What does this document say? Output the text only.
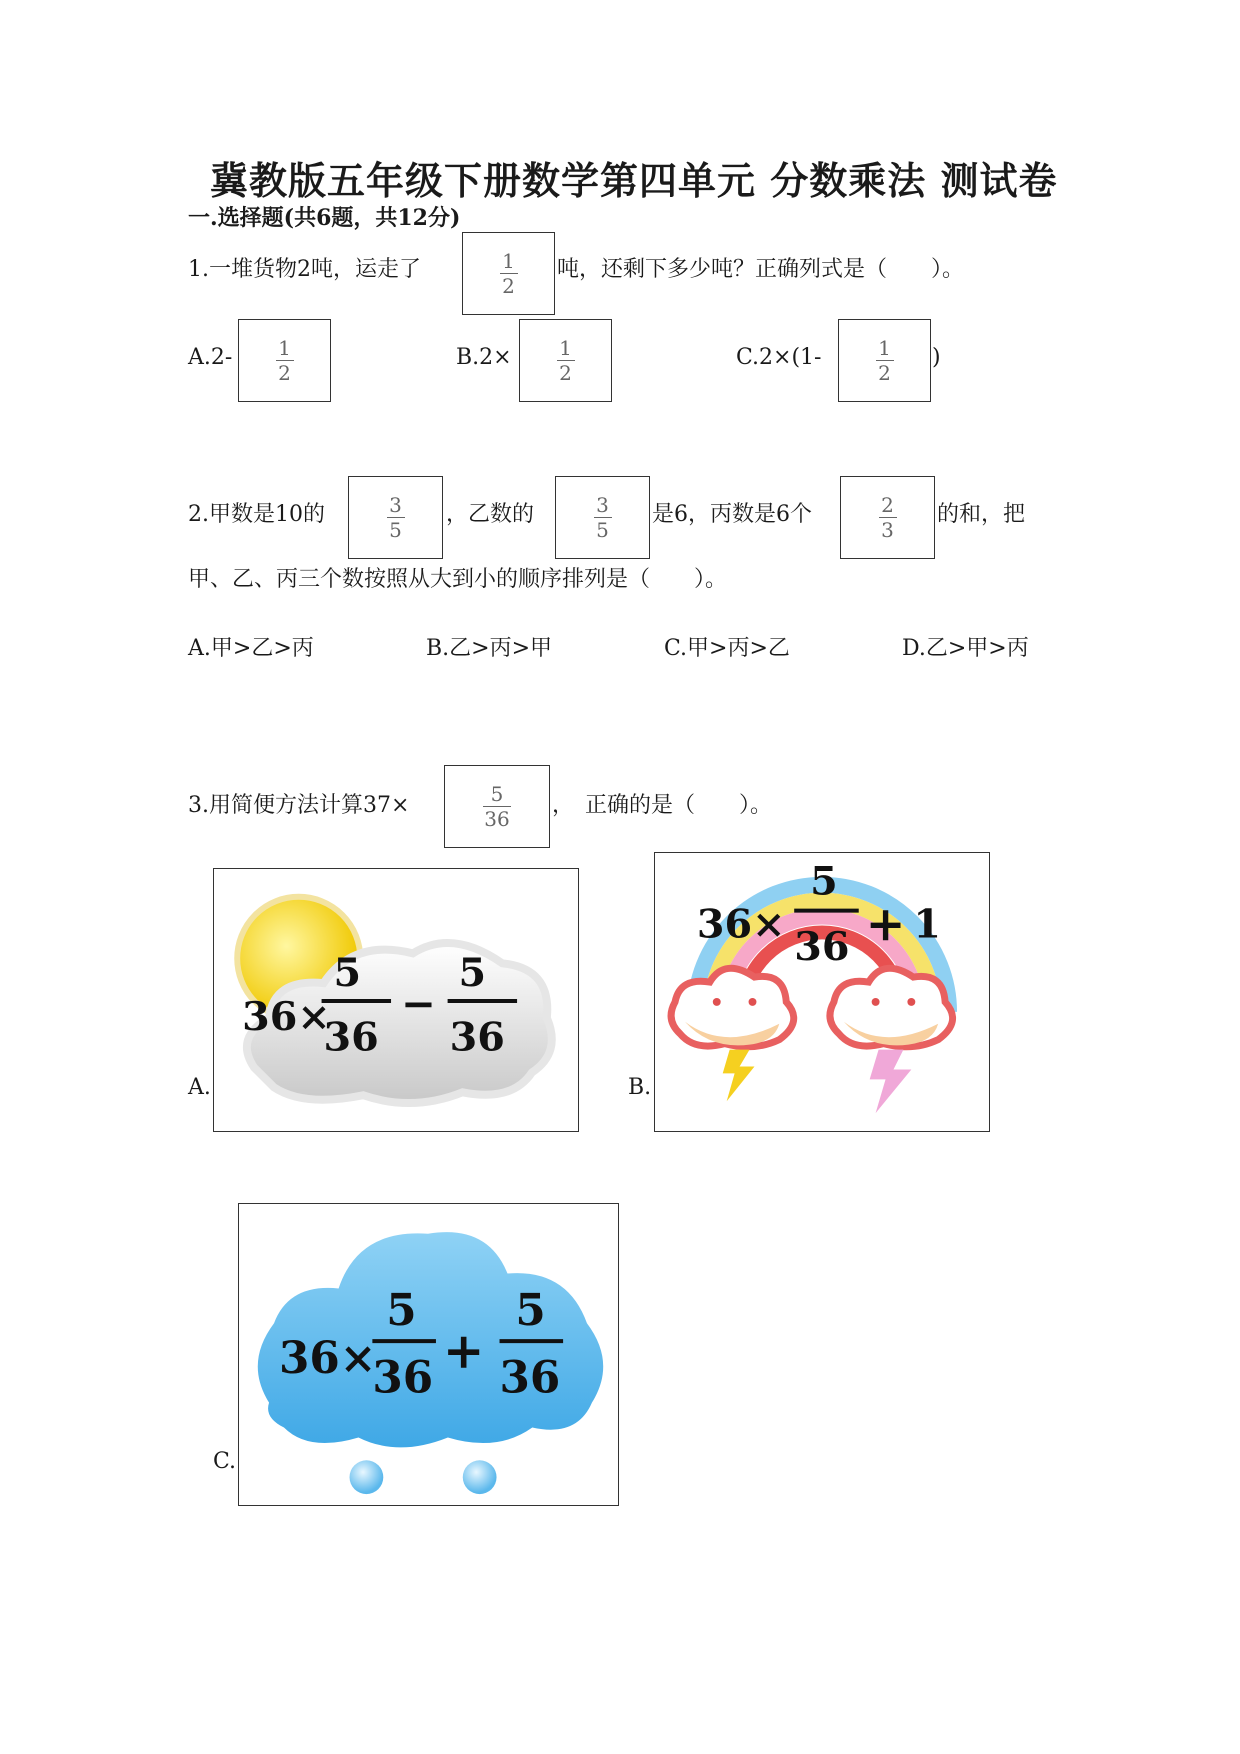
冀教版五年级下册数学第四单元 分数乘法 测试卷
一.选择题(共6题，共12分)
1.一堆货物2吨，运走了	$\frac{1}{2}$ 吨，还剩下多少吨？正确列式是（　　）。
$A.2- \frac{1}{2}$	$B.2\times \frac{1}{2}$	C.2×(1-	$\frac{1}{2}$ )
2.甲数是10的	$\frac{3}{5}$ ，乙数的	$\frac{3}{5}$ 是6，丙数是6个	$\frac{2}{3}$ 的和，把
甲、乙、丙三个数按照从大到小的顺序排列是（　　）。
A.甲>乙>丙	B.乙>丙>甲	C.甲>丙>乙	D.乙>甲>丙
3.用简便方法计算37×	$\frac{5}{36}$ ，　正确的是（　　）。
A.
36×
5
36
−
5
36
B.
36×
5
36 + 1
C.
36×
5
36 +
5
36
